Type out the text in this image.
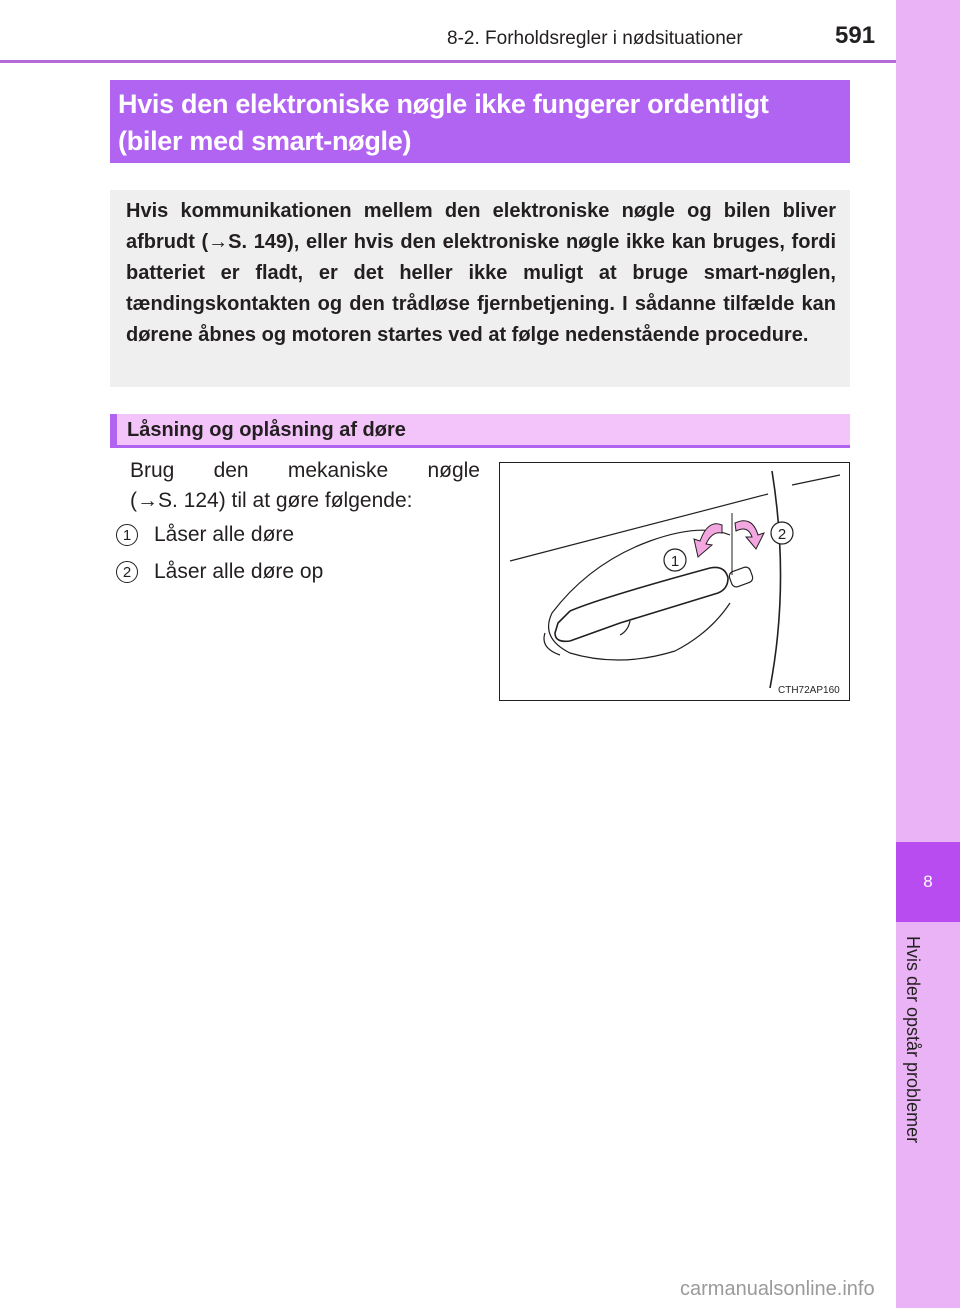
8-2. Forholdsregler i nødsituationer	591
8
Hvis der opstår problemer
Hvis den elektroniske nøgle ikke fungerer ordentligt
(biler med smart-nøgle)
Hvis kommunikationen mellem den elektroniske nøgle og bilen bliver afbrudt (→S. 149), eller hvis den elektroniske nøgle ikke kan bruges, fordi batteriet er fladt, er det heller ikke muligt at bruge smart-nøglen, tændingskontakten og den trådløse fjernbetjening. I sådanne tilfælde kan dørene åbnes og motoren startes ved at følge nedenstående procedure.
Låsning og oplåsning af døre
Brug den mekaniske nøgle
(→S. 124) til at gøre følgende:
1	Låser alle døre
2	Låser alle døre op	1
2
CTH72AP160
carmanualsonline.info
